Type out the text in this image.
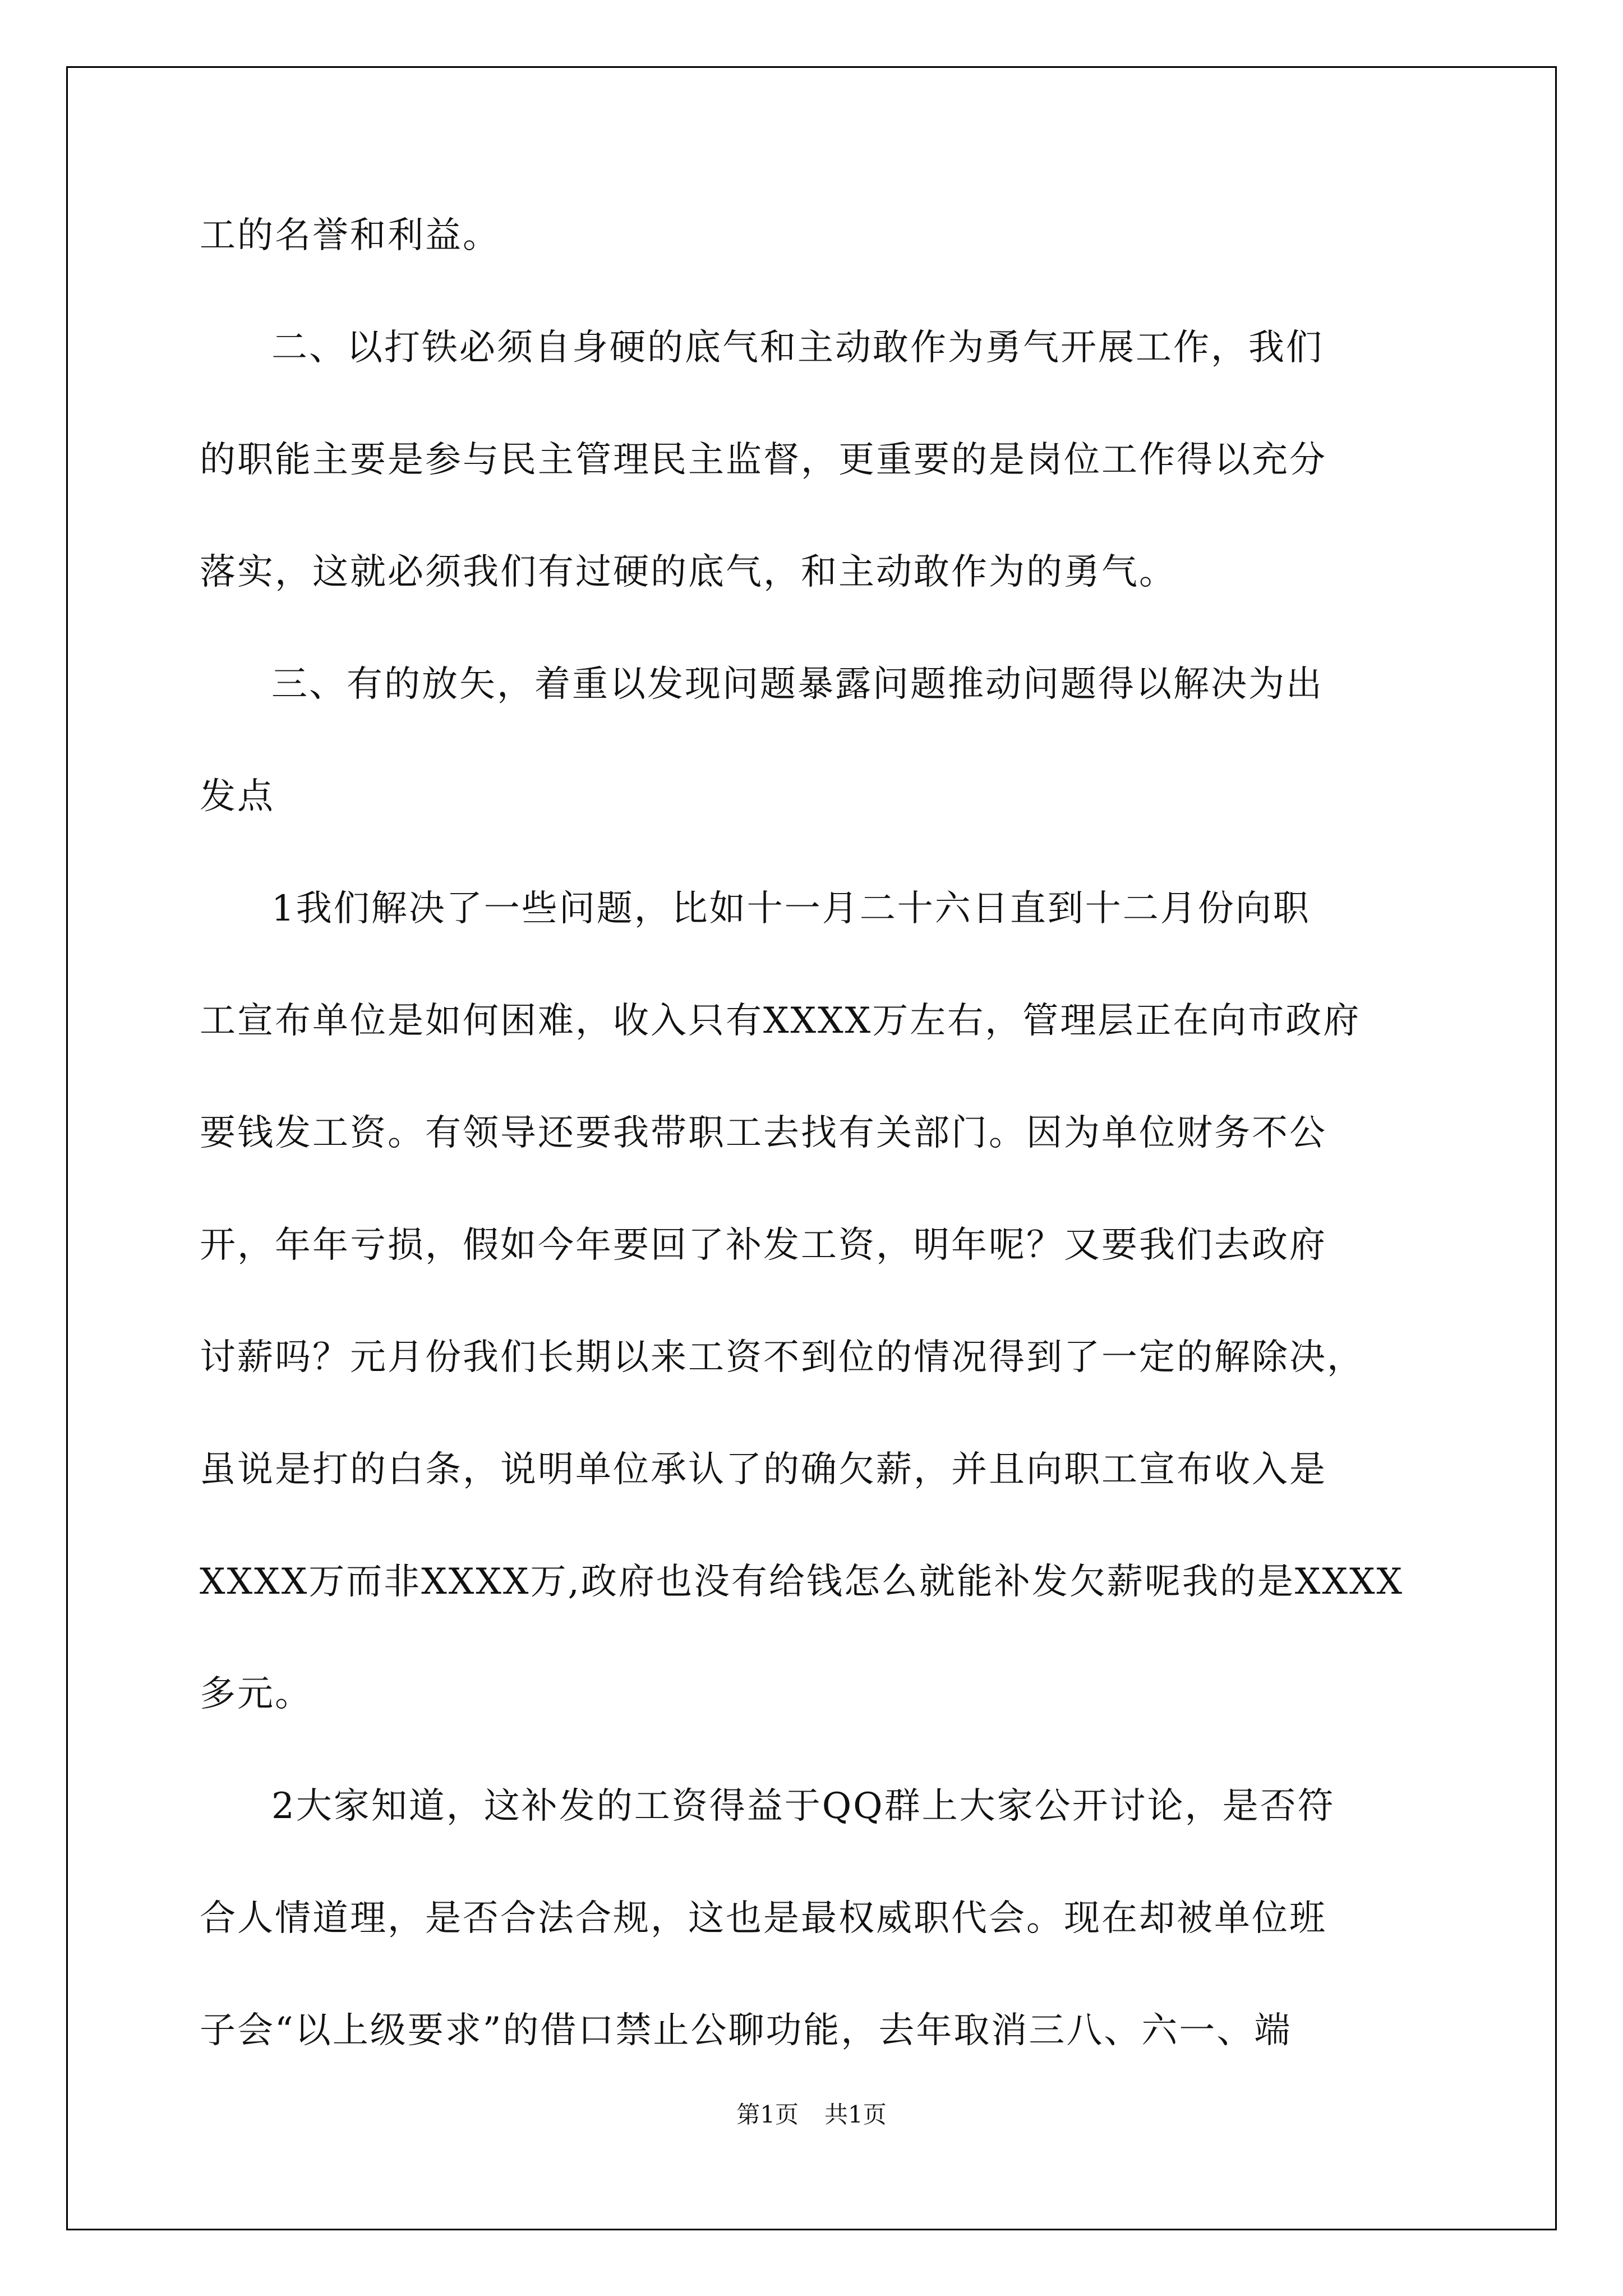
工的名誉和利益。
二、以打铁必须自身硬的底气和主动敢作为勇气开展工作，我们
的职能主要是参与民主管理民主监督，更重要的是岗位工作得以充分
落实，这就必须我们有过硬的底气，和主动敢作为的勇气。
三、有的放矢，着重以发现问题暴露问题推动问题得以解决为出
发点
1我们解决了一些问题，比如十一月二十六日直到十二月份向职
工宣布单位是如何困难，收入只有XXXX万左右，管理层正在向市政府
要钱发工资。有领导还要我带职工去找有关部门。因为单位财务不公
开，年年亏损，假如今年要回了补发工资，明年呢？又要我们去政府
讨薪吗？元月份我们长期以来工资不到位的情况得到了一定的解除决，
虽说是打的白条，说明单位承认了的确欠薪，并且向职工宣布收入是
XXXX万而非XXXX万,政府也没有给钱怎么就能补发欠薪呢我的是XXXX
多元。
2大家知道，这补发的工资得益于QQ群上大家公开讨论，是否符
合人情道理，是否合法合规，这也是最权威职代会。现在却被单位班
子会“以上级要求”的借口禁止公聊功能，去年取消三八、六一、端
第1页 共1页
